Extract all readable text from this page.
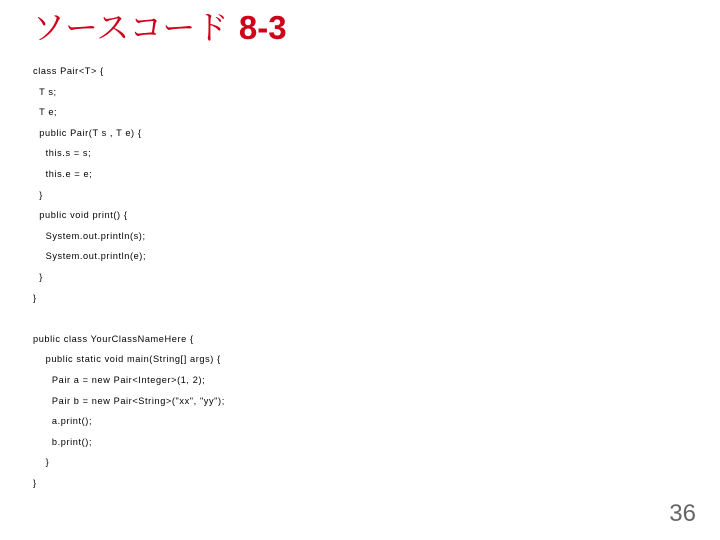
ソースコード 8-3
class Pair<T> {
T s;
T e;
public Pair(T s , T e) {
this.s = s;
this.e = e;
}
public void print() {
System.out.println(s);
System.out.println(e);
}
}
public class YourClassNameHere {
public static void main(String[] args) {
Pair a = new Pair<Integer>(1, 2);
Pair b = new Pair<String>("xx", "yy");
a.print();
b.print();
}
}
36
